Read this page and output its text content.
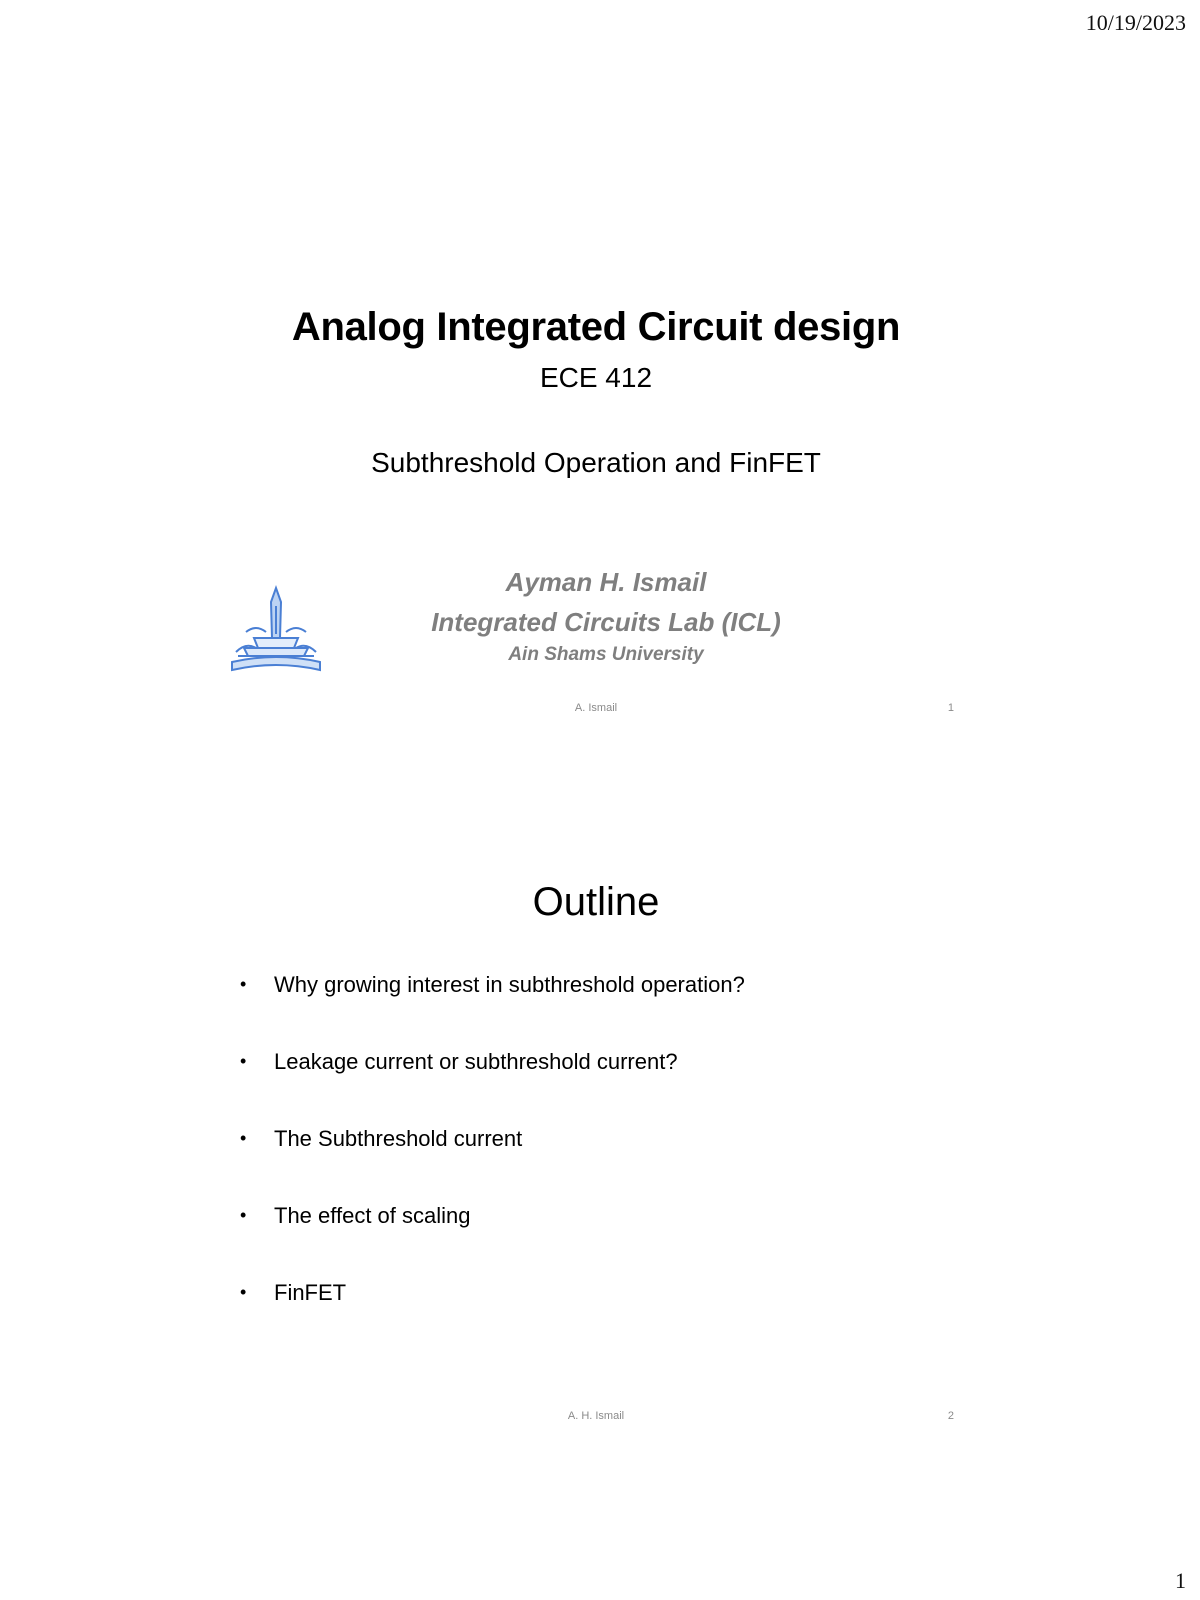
10/19/2023
Analog Integrated Circuit design
ECE 412
Subthreshold Operation and FinFET
Ayman H. Ismail
Integrated Circuits Lab (ICL)
Ain Shams University
A. Ismail	1
Outline
• Why growing interest in subthreshold operation?
• Leakage current or subthreshold current?
• The Subthreshold current
• The effect of scaling
• FinFET
A. H. Ismail	2
1
